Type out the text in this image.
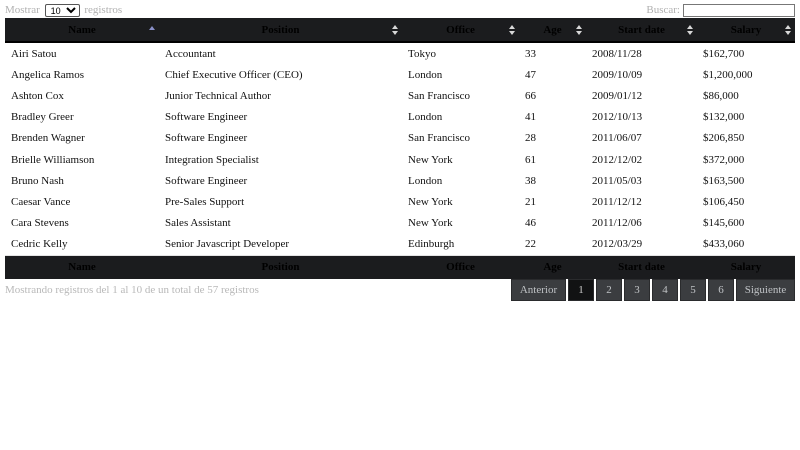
Mostrar
10	registros	Buscar:
Name	Position	Office	Age	Start date	Salary

Airi Satou	Accountant	Tokyo	33	2008/11/28	$162,700
Angelica Ramos	Chief Executive Officer (CEO)	London	47	2009/10/09	$1,200,000
Ashton Cox	Junior Technical Author	San Francisco	66	2009/01/12	$86,000
Bradley Greer	Software Engineer	London	41	2012/10/13	$132,000
Brenden Wagner	Software Engineer	San Francisco	28	2011/06/07	$206,850
Brielle Williamson	Integration Specialist	New York	61	2012/12/02	$372,000
Bruno Nash	Software Engineer	London	38	2011/05/03	$163,500
Caesar Vance	Pre-Sales Support	New York	21	2011/12/12	$106,450
Cara Stevens	Sales Assistant	New York	46	2011/12/06	$145,600
Cedric Kelly	Senior Javascript Developer	Edinburgh	22	2012/03/29	$433,060
Name	Position	Office	Age	Start date	Salary
Mostrando registros del 1 al 10 de un total de 57 registros	Anterior	1	2	3	4	5	6	Siguiente
